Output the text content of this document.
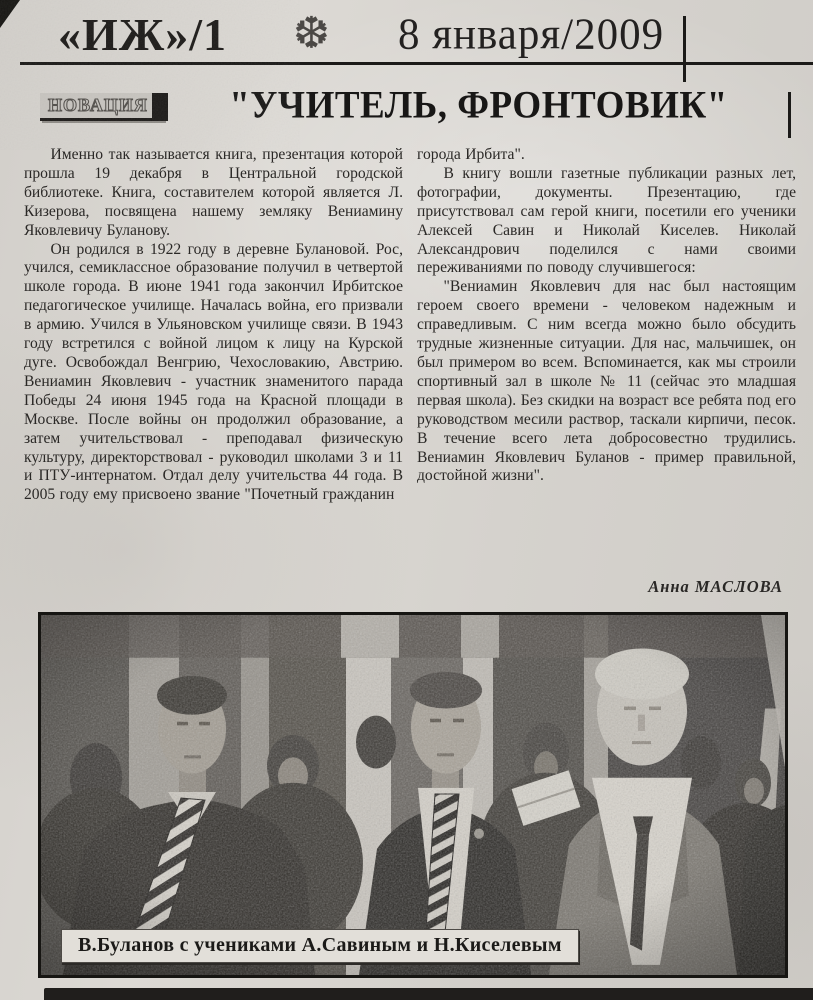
«ИЖ»/1 ❆ 8 января/2009
НОВАЦИЯ	"УЧИТЕЛЬ, ФРОНТОВИК"

Именно так называется книга, презентация которой прошла 19 декабря в Центральной городской библиотеке. Книга, составителем которой является Л. Кизерова, посвящена нашему земляку Вениамину Яковлевичу Буланову.

Он родился в 1922 году в деревне Булановой. Рос, учился, семиклассное образование получил в четвертой школе города. В июне 1941 года закончил Ирбитское педагогическое училище. Началась война, его призвали в армию. Учился в Ульяновском училище связи. В 1943 году встретился с войной лицом к лицу на Курской дуге. Освобождал Венгрию, Чехословакию, Австрию. Вениамин Яковлевич - участник знаменитого парада Победы 24 июня 1945 года на Красной площади в Москве. После войны он продолжил образование, а затем учительствовал - преподавал физическую культуру, директорствовал - руководил школами 3 и 11 и ПТУ-интернатом. Отдал делу учительства 44 года. В 2005 году ему присвоено звание "Почетный гражданин

города Ирбита".

В книгу вошли газетные публикации разных лет, фотографии, документы. Презентацию, где присутствовал сам герой книги, посетили его ученики Алексей Савин и Николай Киселев. Николай Александрович поделился с нами своими переживаниями по поводу случившегося:

"Вениамин Яковлевич для нас был настоящим героем своего времени - человеком надежным и справедливым. С ним всегда можно было обсудить трудные жизненные ситуации. Для нас, мальчишек, он был примером во всем. Вспоминается, как мы строили спортивный зал в школе № 11 (сейчас это младшая первая школа). Без скидки на возраст все ребята под его руководством месили раствор, таскали кирпичи, песок. В течение всего лета добросовестно трудились. Вениамин Яковлевич Буланов - пример правильной, достойной жизни".

Анна МАСЛОВА
В.Буланов с учениками А.Савиным и Н.Киселевым
